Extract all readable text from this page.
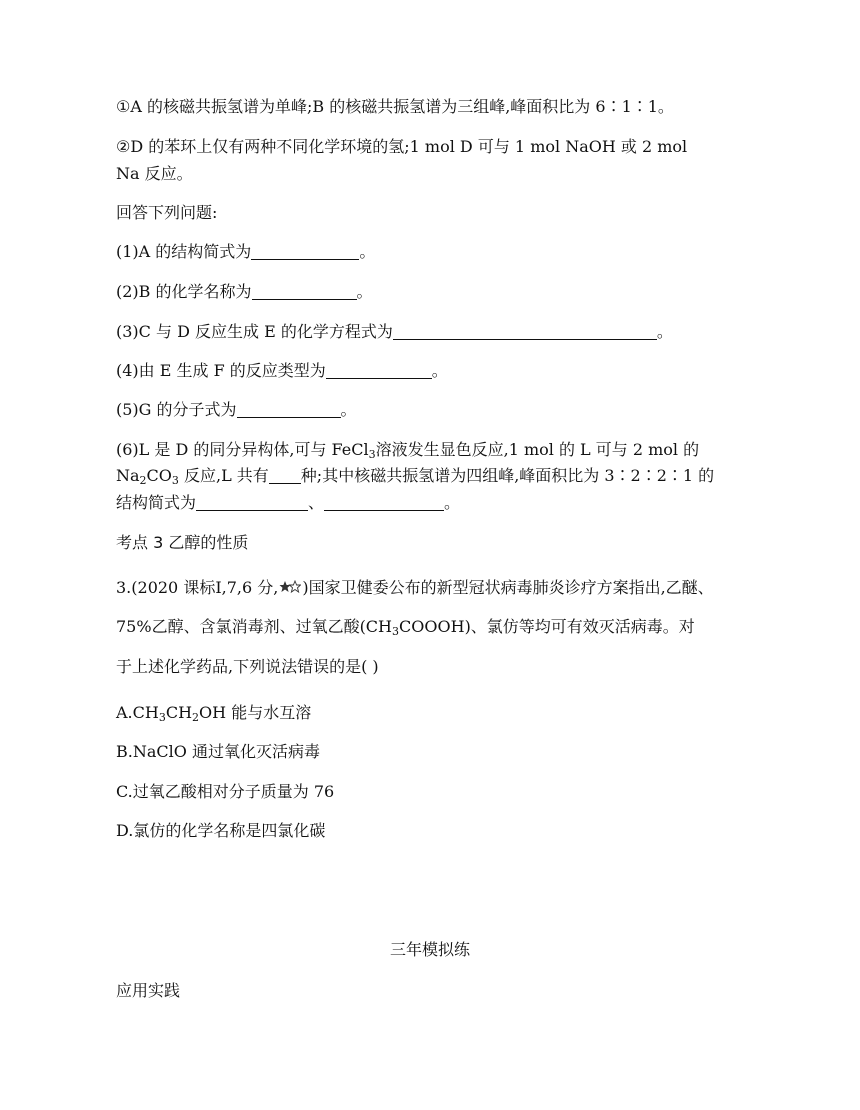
①A 的核磁共振氢谱为单峰;B 的核磁共振氢谱为三组峰,峰面积比为 6∶1∶1。
②D 的苯环上仅有两种不同化学环境的氢;1 mol D 可与 1 mol NaOH 或 2 mol
Na 反应。
回答下列问题:
(1)A 的结构简式为	。
(2)B 的化学名称为	。
(3)C 与 D 反应生成 E 的化学方程式为	。
(4)由 E 生成 F 的反应类型为	。
(5)G 的分子式为	。
(6)L 是 D 的同分异构体,可与 FeCl$_3$溶液发生显色反应,1 mol 的 L 可与 2 mol 的
$Na_2CO_3$ 反应,L 共有 种;其中核磁共振氢谱为四组峰,峰面积比为 3∶2∶2∶1 的
结构简式为	、	。
考点 3 乙醇的性质
3.(2020 课标Ⅰ,7,6 分, )国家卫健委公布的新型冠状病毒肺炎诊疗方案指出,乙醚、
75%乙醇、含氯消毒剂、过氧乙酸$(CH_3COOOH)$、氯仿等均可有效灭活病毒。对
于上述化学药品,下列说法错误的是( )
$A.CH_3CH_2OH$ 能与水互溶
B.NaClO 通过氧化灭活病毒
C.过氧乙酸相对分子质量为 76
D.氯仿的化学名称是四氯化碳
三年模拟练
应用实践
